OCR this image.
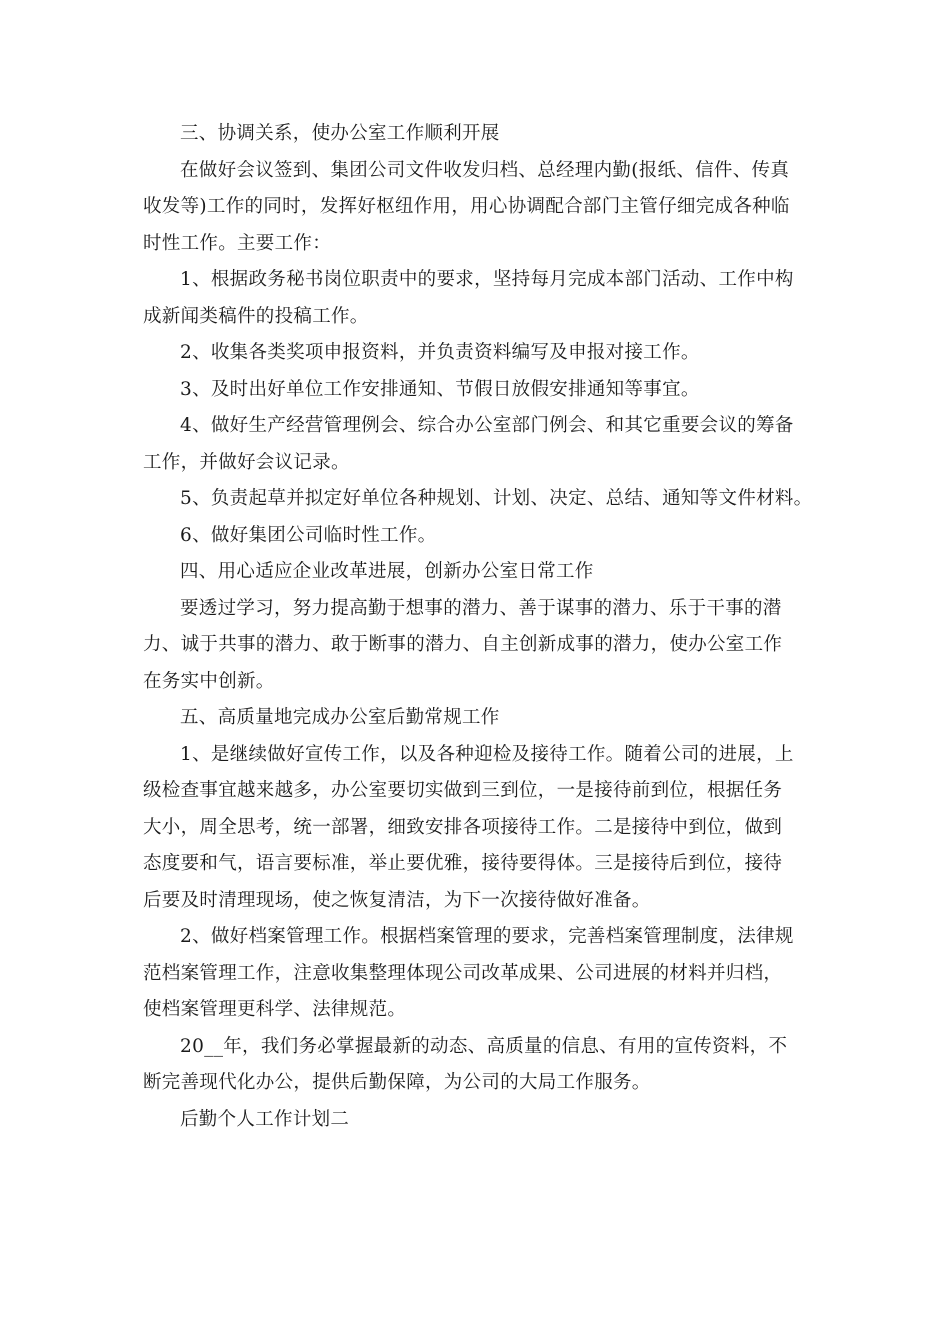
三、协调关系，使办公室工作顺利开展
在做好会议签到、集团公司文件收发归档、总经理内勤(报纸、信件、传真
收发等)工作的同时，发挥好枢纽作用，用心协调配合部门主管仔细完成各种临
时性工作。主要工作：
1、根据政务秘书岗位职责中的要求，坚持每月完成本部门活动、工作中构
成新闻类稿件的投稿工作。
2、收集各类奖项申报资料，并负责资料编写及申报对接工作。
3、及时出好单位工作安排通知、节假日放假安排通知等事宜。
4、做好生产经营管理例会、综合办公室部门例会、和其它重要会议的筹备
工作，并做好会议记录。
5、负责起草并拟定好单位各种规划、计划、决定、总结、通知等文件材料。
6、做好集团公司临时性工作。
四、用心适应企业改革进展，创新办公室日常工作
要透过学习，努力提高勤于想事的潜力、善于谋事的潜力、乐于干事的潜
力、诚于共事的潜力、敢于断事的潜力、自主创新成事的潜力，使办公室工作
在务实中创新。
五、高质量地完成办公室后勤常规工作
1、是继续做好宣传工作，以及各种迎检及接待工作。随着公司的进展，上
级检查事宜越来越多，办公室要切实做到三到位，一是接待前到位，根据任务
大小，周全思考，统一部署，细致安排各项接待工作。二是接待中到位，做到
态度要和气，语言要标准，举止要优雅，接待要得体。三是接待后到位，接待
后要及时清理现场，使之恢复清洁，为下一次接待做好准备。
2、做好档案管理工作。根据档案管理的要求，完善档案管理制度，法律规
范档案管理工作，注意收集整理体现公司改革成果、公司进展的材料并归档，
使档案管理更科学、法律规范。
20__年，我们务必掌握最新的动态、高质量的信息、有用的宣传资料，不
断完善现代化办公，提供后勤保障，为公司的大局工作服务。
后勤个人工作计划二
